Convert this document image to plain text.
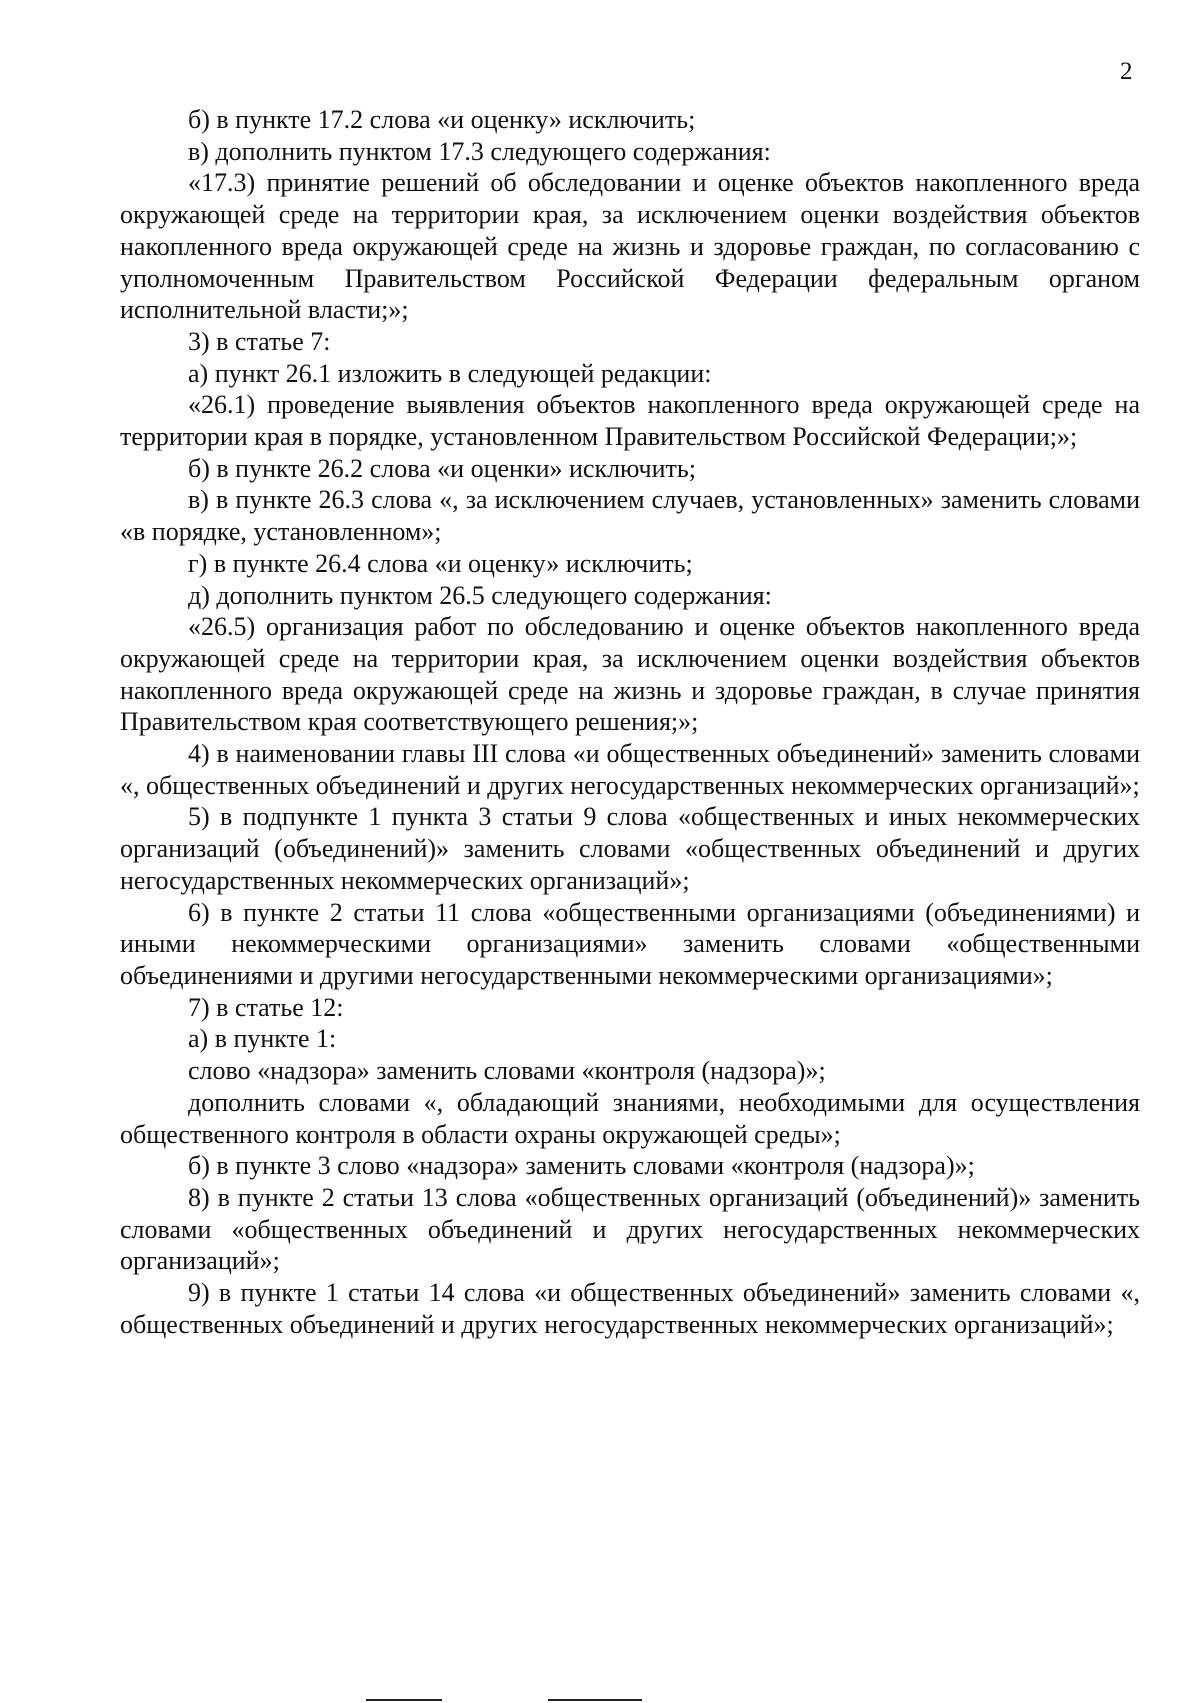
2

б) в пункте 17.2 слова «и оценку» исключить;

в) дополнить пунктом 17.3 следующего содержания:

«17.3) принятие решений об обследовании и оценке объектов накопленного вреда окружающей среде на территории края, за исключением оценки воздействия объектов накопленного вреда окружающей среде на жизнь и здоровье граждан, по согласованию с уполномоченным Правительством Российской Федерации федеральным органом исполнительной власти;»;

3) в статье 7:

а) пункт 26.1 изложить в следующей редакции:

«26.1) проведение выявления объектов накопленного вреда окружающей среде на территории края в порядке, установленном Правительством Российской Федерации;»;

б) в пункте 26.2 слова «и оценки» исключить;

в) в пункте 26.3 слова «, за исключением случаев, установленных» заменить словами «в порядке, установленном»;

г) в пункте 26.4 слова «и оценку» исключить;

д) дополнить пунктом 26.5 следующего содержания:

«26.5) организация работ по обследованию и оценке объектов накопленного вреда окружающей среде на территории края, за исключением оценки воздействия объектов накопленного вреда окружающей среде на жизнь и здоровье граждан, в случае принятия Правительством края соответствующего решения;»;

4) в наименовании главы III слова «и общественных объединений» заменить словами «, общественных объединений и других негосударственных некоммерческих организаций»;

5) в подпункте 1 пункта 3 статьи 9 слова «общественных и иных некоммерческих организаций (объединений)» заменить словами «общественных объединений и других негосударственных некоммерческих организаций»;

6) в пункте 2 статьи 11 слова «общественными организациями (объединениями) и иными некоммерческими организациями» заменить словами «общественными объединениями и другими негосударственными некоммерческими организациями»;

7) в статье 12:

а) в пункте 1:

слово «надзора» заменить словами «контроля (надзора)»;

дополнить словами «, обладающий знаниями, необходимыми для осуществления общественного контроля в области охраны окружающей среды»;

б) в пункте 3 слово «надзора» заменить словами «контроля (надзора)»;

8) в пункте 2 статьи 13 слова «общественных организаций (объединений)» заменить словами «общественных объединений и других негосударственных некоммерческих организаций»;

9) в пункте 1 статьи 14 слова «и общественных объединений» заменить словами «, общественных объединений и других негосударственных некоммерческих организаций»;
